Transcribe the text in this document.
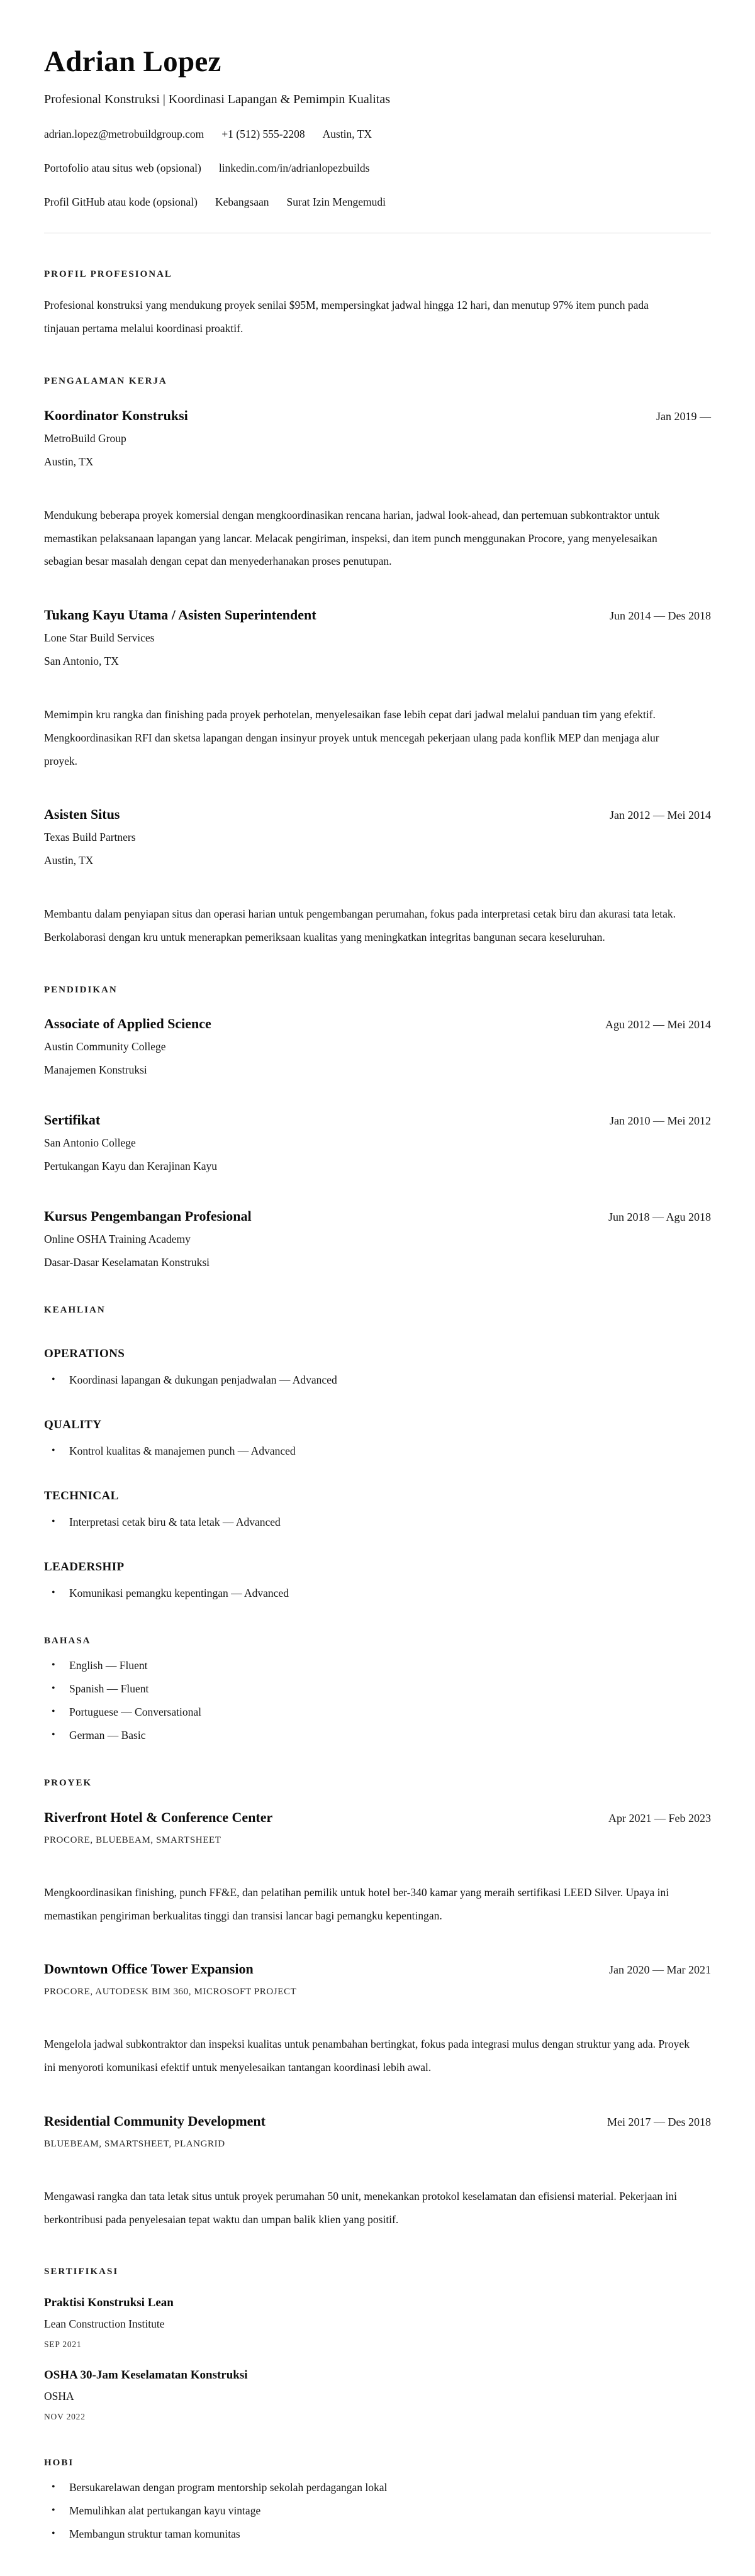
Adrian Lopez

Profesional Konstruksi | Koordinasi Lapangan & Pemimpin Kualitas

adrian.lopez@metrobuildgroup.com +1 (512) 555-2208 Austin, TX
Portofolio atau situs web (opsional) linkedin.com/in/adrianlopezbuilds
Profil GitHub atau kode (opsional) Kebangsaan Surat Izin Mengemudi
PROFIL PROFESIONAL

Profesional konstruksi yang mendukung proyek senilai $95M, mempersingkat jadwal hingga 12 hari, dan menutup 97% item punch pada tinjauan pertama melalui koordinasi proaktif.

PENGALAMAN KERJA
Koordinator Konstruksi	Jan 2019 —
MetroBuild Group
Austin, TX

Mendukung beberapa proyek komersial dengan mengkoordinasikan rencana harian, jadwal look-ahead, dan pertemuan subkontraktor untuk memastikan pelaksanaan lapangan yang lancar. Melacak pengiriman, inspeksi, dan item punch menggunakan Procore, yang menyelesaikan sebagian besar masalah dengan cepat dan menyederhanakan proses penutupan.

Tukang Kayu Utama / Asisten Superintendent	Jun 2014 — Des 2018
Lone Star Build Services
San Antonio, TX

Memimpin kru rangka dan finishing pada proyek perhotelan, menyelesaikan fase lebih cepat dari jadwal melalui panduan tim yang efektif. Mengkoordinasikan RFI dan sketsa lapangan dengan insinyur proyek untuk mencegah pekerjaan ulang pada konflik MEP dan menjaga alur proyek.

Asisten Situs	Jan 2012 — Mei 2014
Texas Build Partners
Austin, TX

Membantu dalam penyiapan situs dan operasi harian untuk pengembangan perumahan, fokus pada interpretasi cetak biru dan akurasi tata letak. Berkolaborasi dengan kru untuk menerapkan pemeriksaan kualitas yang meningkatkan integritas bangunan secara keseluruhan.

PENDIDIKAN
Associate of Applied Science	Agu 2012 — Mei 2014
Austin Community College
Manajemen Konstruksi
Sertifikat	Jan 2010 — Mei 2012
San Antonio College
Pertukangan Kayu dan Kerajinan Kayu
Kursus Pengembangan Profesional	Jun 2018 — Agu 2018
Online OSHA Training Academy
Dasar-Dasar Keselamatan Konstruksi
KEAHLIAN
OPERATIONS
• Koordinasi lapangan & dukungan penjadwalan — Advanced
QUALITY
• Kontrol kualitas & manajemen punch — Advanced
TECHNICAL
• Interpretasi cetak biru & tata letak — Advanced
LEADERSHIP
• Komunikasi pemangku kepentingan — Advanced
BAHASA
• English — Fluent
• Spanish — Fluent
• Portuguese — Conversational
• German — Basic
PROYEK
Riverfront Hotel & Conference Center	Apr 2021 — Feb 2023
PROCORE, BLUEBEAM, SMARTSHEET

Mengkoordinasikan finishing, punch FF&E, dan pelatihan pemilik untuk hotel ber-340 kamar yang meraih sertifikasi LEED Silver. Upaya ini memastikan pengiriman berkualitas tinggi dan transisi lancar bagi pemangku kepentingan.

Downtown Office Tower Expansion	Jan 2020 — Mar 2021
PROCORE, AUTODESK BIM 360, MICROSOFT PROJECT

Mengelola jadwal subkontraktor dan inspeksi kualitas untuk penambahan bertingkat, fokus pada integrasi mulus dengan struktur yang ada. Proyek ini menyoroti komunikasi efektif untuk menyelesaikan tantangan koordinasi lebih awal.

Residential Community Development	Mei 2017 — Des 2018
BLUEBEAM, SMARTSHEET, PLANGRID

Mengawasi rangka dan tata letak situs untuk proyek perumahan 50 unit, menekankan protokol keselamatan dan efisiensi material. Pekerjaan ini berkontribusi pada penyelesaian tepat waktu dan umpan balik klien yang positif.

SERTIFIKASI
Praktisi Konstruksi Lean
Lean Construction Institute
SEP 2021
OSHA 30-Jam Keselamatan Konstruksi
OSHA
NOV 2022
HOBI
• Bersukarelawan dengan program mentorship sekolah perdagangan lokal
• Memulihkan alat pertukangan kayu vintage
• Membangun struktur taman komunitas
